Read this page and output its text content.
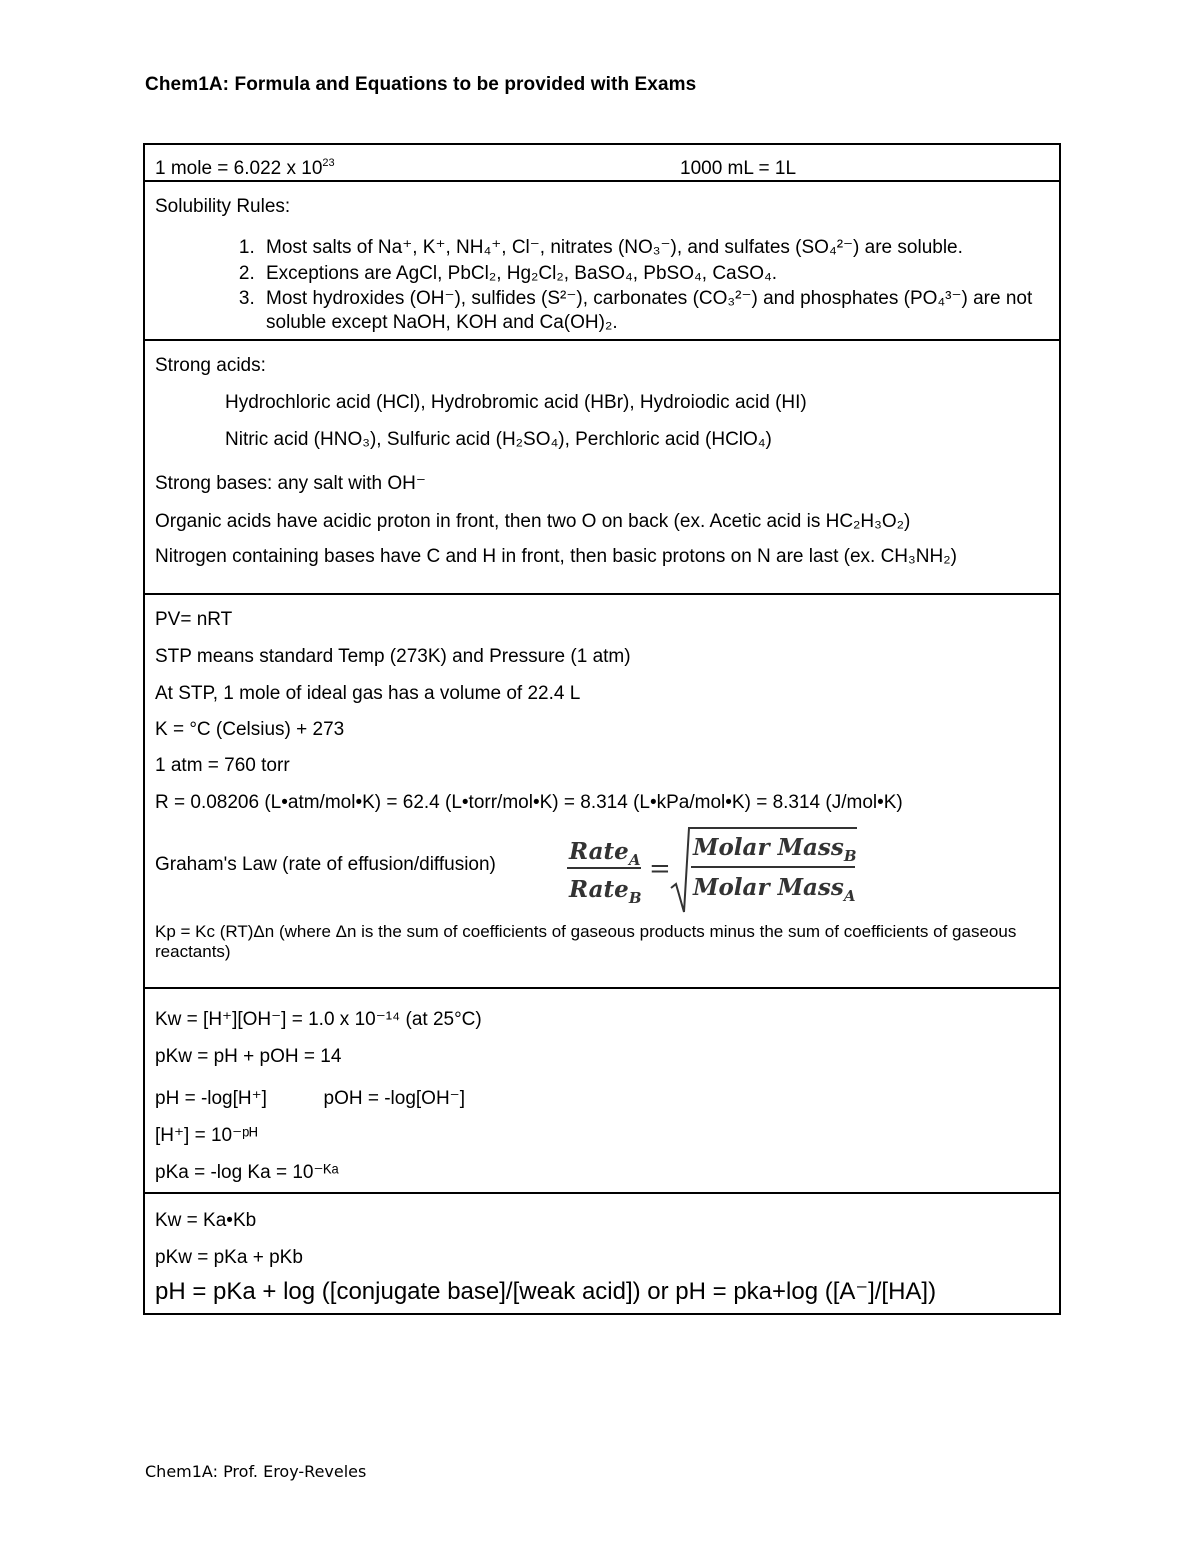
Chem1A: Formula and Equations to be provided with Exams
1 mole = 6.022 x $10^{23}$	1000 mL = 1L
Solubility Rules:
1. Most salts of Na⁺, K⁺, NH₄⁺, Cl⁻, nitrates (NO₃⁻), and sulfates (SO₄²⁻) are soluble.
2. Exceptions are AgCl, PbCl₂, Hg₂Cl₂, BaSO₄, PbSO₄, CaSO₄.
3. Most hydroxides (OH⁻), sulfides (S²⁻), carbonates (CO₃²⁻) and phosphates (PO₄³⁻) are not soluble except NaOH, KOH and Ca(OH)₂.
Strong acids:
Hydrochloric acid (HCl), Hydrobromic acid (HBr), Hydroiodic acid (HI)
Nitric acid (HNO₃), Sulfuric acid (H₂SO₄), Perchloric acid (HClO₄)
Strong bases: any salt with OH⁻
Organic acids have acidic proton in front, then two O on back (ex. Acetic acid is HC₂H₃O₂)
Nitrogen containing bases have C and H in front, then basic protons on N are last (ex. CH₃NH₂)
PV= nRT
STP means standard Temp (273K) and Pressure (1 atm)
At STP, 1 mole of ideal gas has a volume of 22.4 L
K = °C (Celsius) + 273
1 atm = 760 torr
R = 0.08206 (L•atm/mol•K) = 62.4 (L•torr/mol•K) = 8.314 (L•kPa/mol•K) = 8.314 (J/mol•K)
Graham's Law (rate of effusion/diffusion)	Rate$_A$
Rate$_B$
Molar Mass$_B$
Molar Mass$_A$
=
Kp = Kc (RT)Δn (where Δn is the sum of coefficients of gaseous products minus the sum of coefficients of gaseous reactants)
Kw = [H⁺][OH⁻] = 1.0 x 10⁻¹⁴ (at 25°C)
pKw = pH + pOH = 14
pH = -log[H⁺]	pOH = -log[OH⁻]
[H⁺] = 10⁻ᵖᴴ
pKa = -log Ka = 10⁻ᴷᵃ
Kw = Ka•Kb
pKw = pKa + pKb
pH = pKa + log ([conjugate base]/[weak acid]) or pH = pka+log ([A⁻]/[HA])
Chem1A: Prof. Eroy-Reveles
